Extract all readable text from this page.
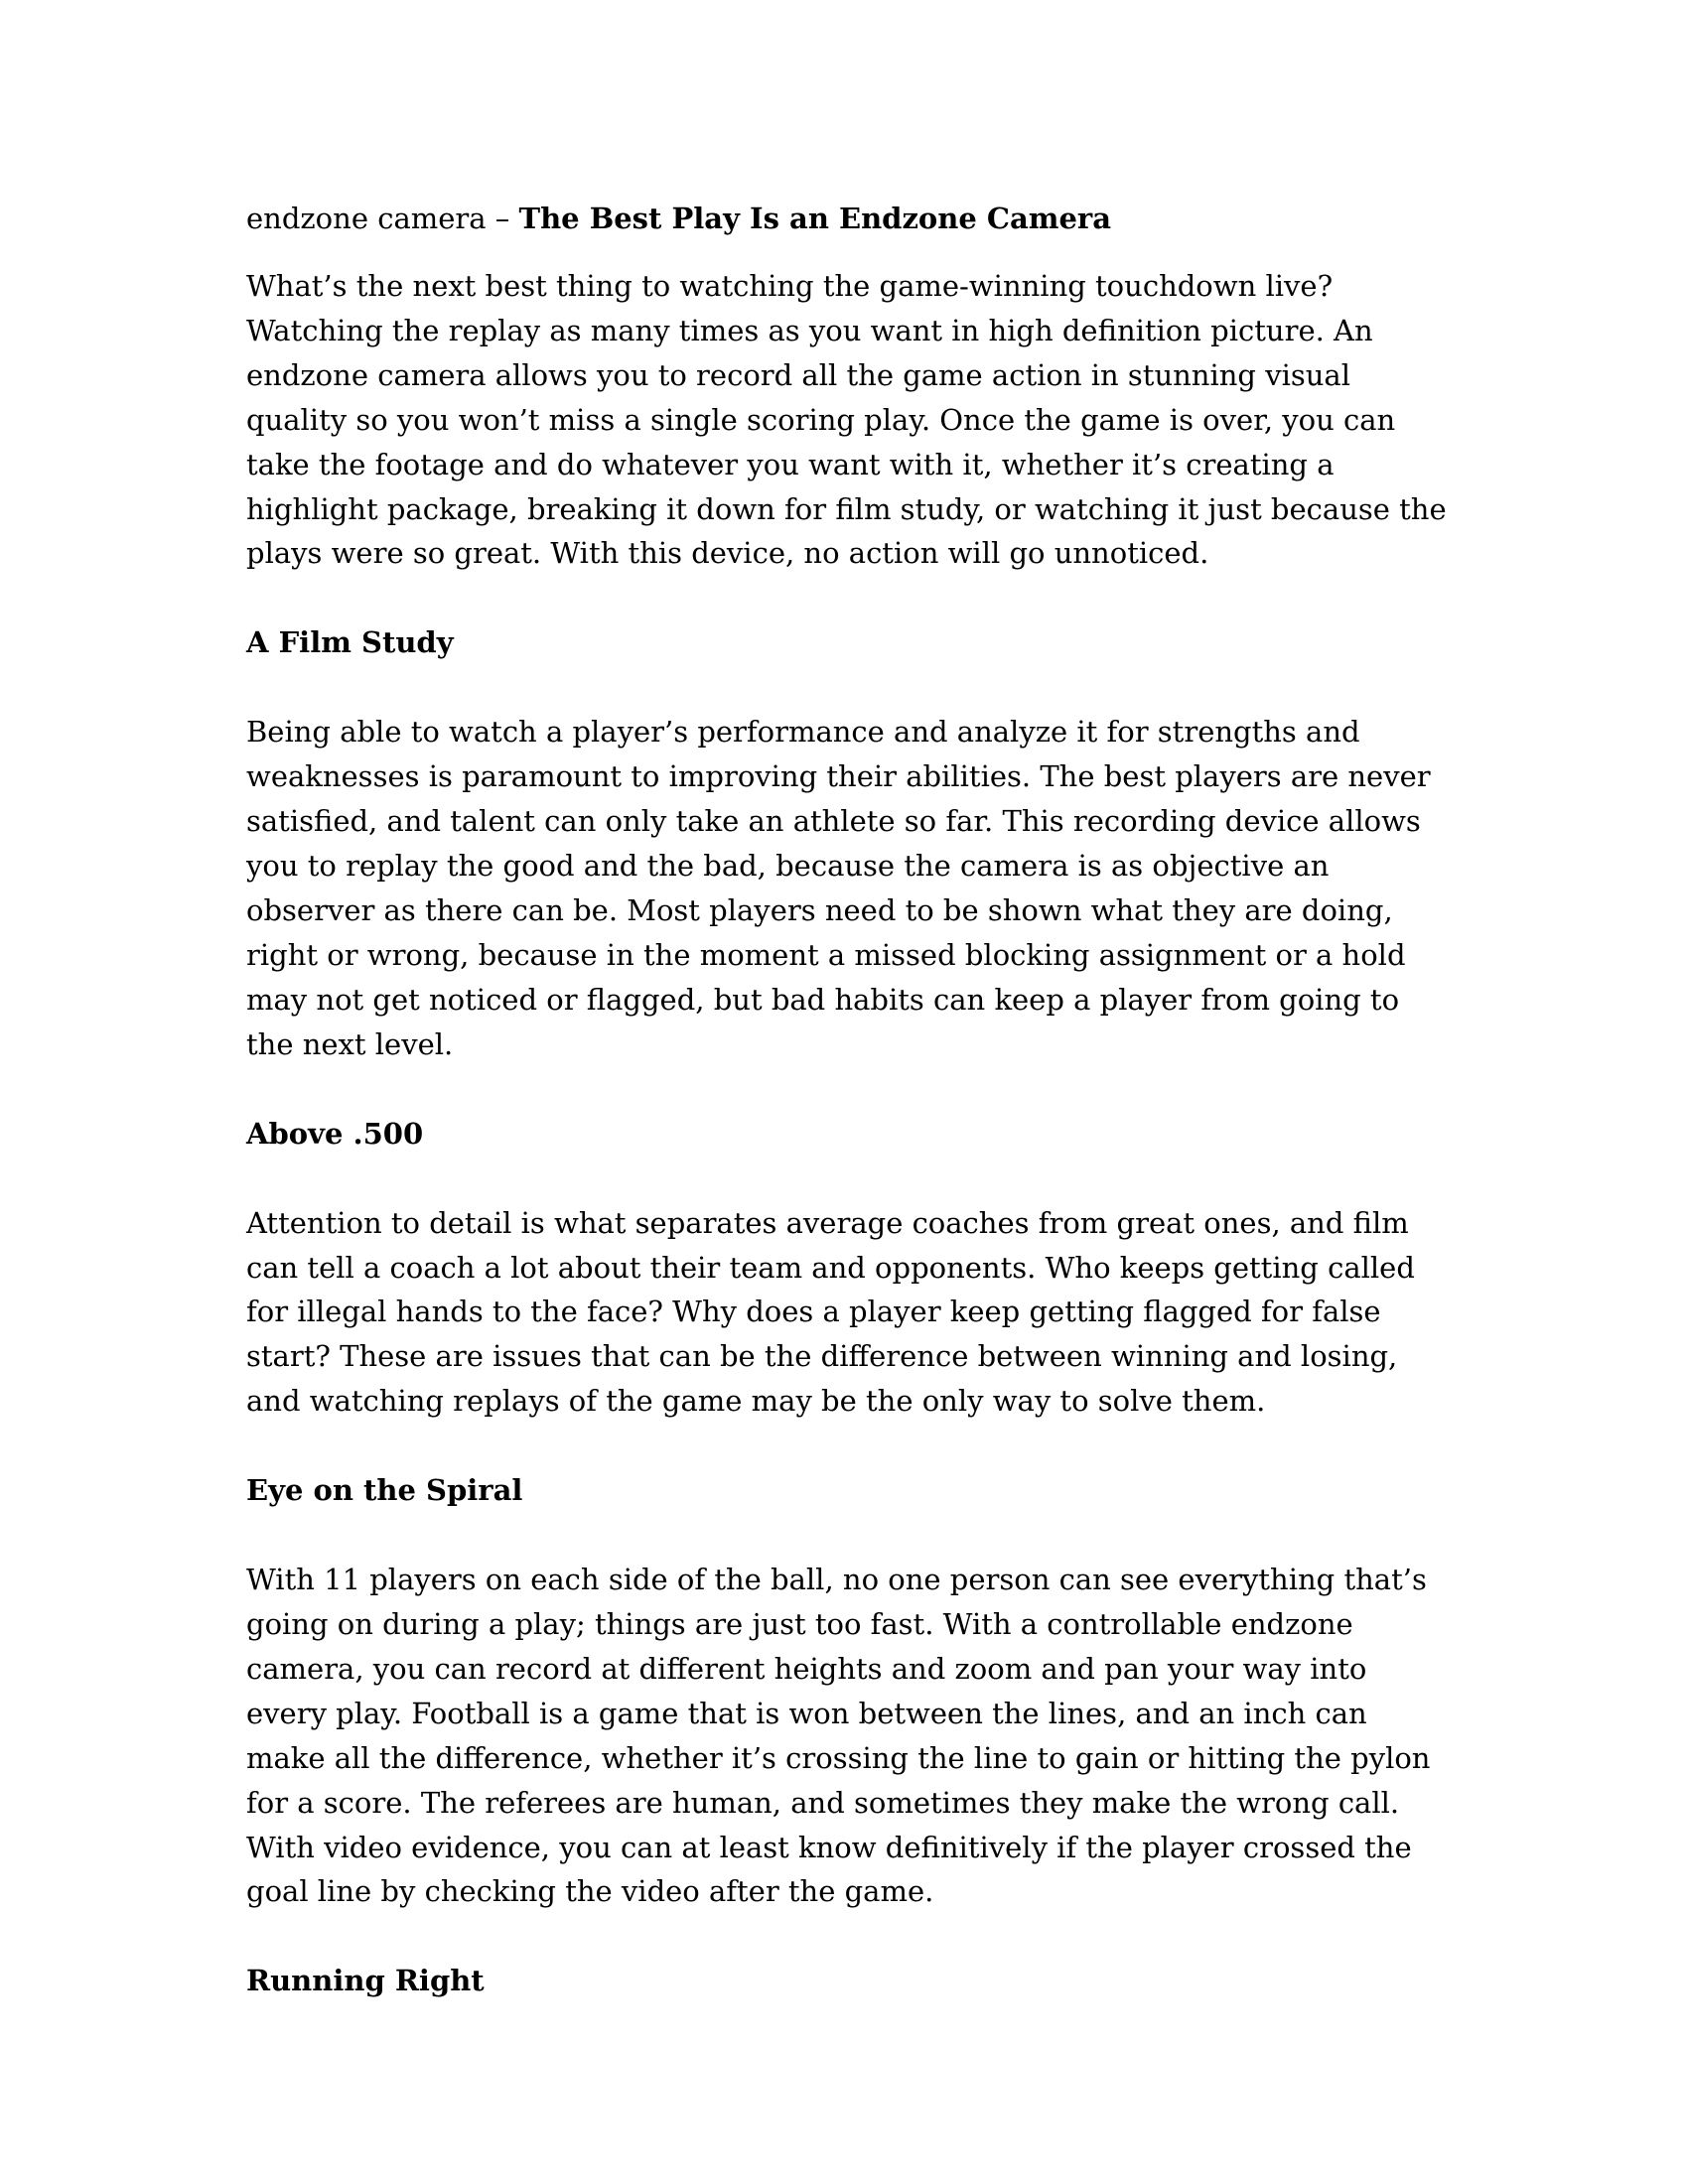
endzone camera – The Best Play Is an Endzone Camera

What’s the next best thing to watching the game-winning touchdown live? Watching the replay as many times as you want in high definition picture. An endzone camera allows you to record all the game action in stunning visual quality so you won’t miss a single scoring play. Once the game is over, you can take the footage and do whatever you want with it, whether it’s creating a highlight package, breaking it down for film study, or watching it just because the plays were so great. With this device, no action will go unnoticed.

A Film Study

Being able to watch a player’s performance and analyze it for strengths and weaknesses is paramount to improving their abilities. The best players are never satisfied, and talent can only take an athlete so far. This recording device allows you to replay the good and the bad, because the camera is as objective an observer as there can be. Most players need to be shown what they are doing, right or wrong, because in the moment a missed blocking assignment or a hold may not get noticed or flagged, but bad habits can keep a player from going to the next level.

Above .500

Attention to detail is what separates average coaches from great ones, and film can tell a coach a lot about their team and opponents. Who keeps getting called for illegal hands to the face? Why does a player keep getting flagged for false start? These are issues that can be the difference between winning and losing, and watching replays of the game may be the only way to solve them.

Eye on the Spiral

With 11 players on each side of the ball, no one person can see everything that’s going on during a play; things are just too fast. With a controllable endzone camera, you can record at different heights and zoom and pan your way into every play. Football is a game that is won between the lines, and an inch can make all the difference, whether it’s crossing the line to gain or hitting the pylon for a score. The referees are human, and sometimes they make the wrong call. With video evidence, you can at least know definitively if the player crossed the goal line by checking the video after the game.

Running Right
